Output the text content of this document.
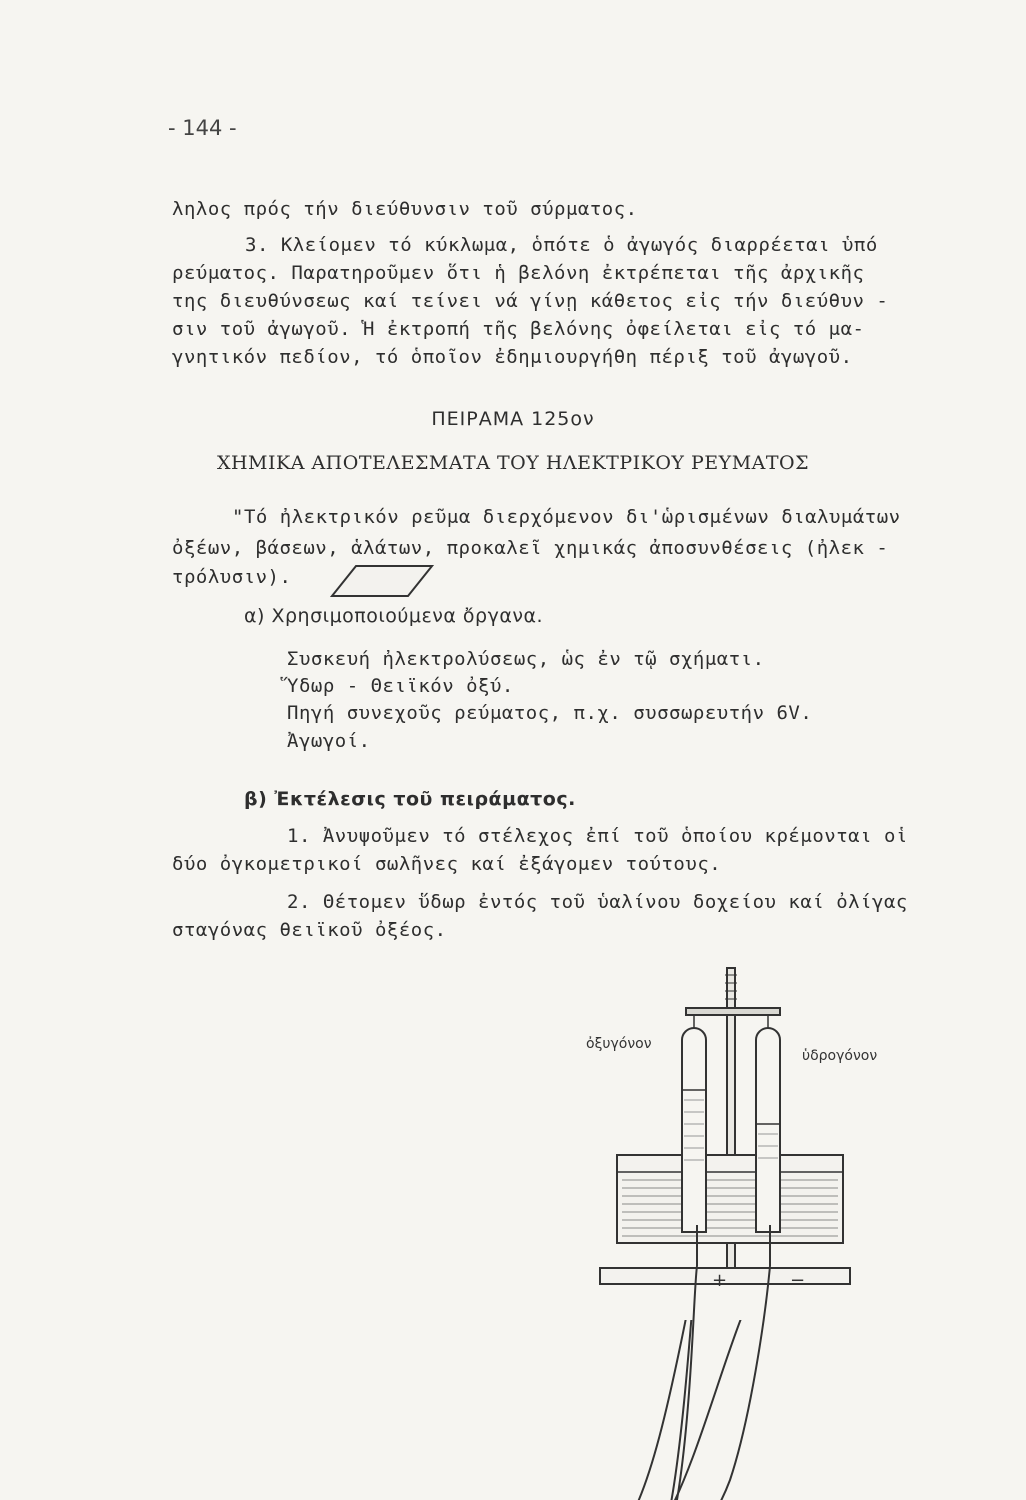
- 144 -
ληλος πρός τήν διεύθυνσιν τοῦ σύρματος.
3. Κλείομεν τό κύκλωμα, ὁπότε ὁ ἀγωγός διαρρέεται ὑπό
ρεύματος. Παρατηροῦμεν ὅτι ἡ βελόνη ἐκτρέπεται τῆς ἀρχικῆς
της διευθύνσεως καί τείνει νά γίνῃ κάθετος εἰς τήν διεύθυν -
σιν τοῦ ἀγωγοῦ. Ἡ ἐκτροπή τῆς βελόνης ὀφείλεται εἰς τό μα-
γνητικόν πεδίον, τό ὁποῖον ἐδημιουργήθη πέριξ τοῦ ἀγωγοῦ.
ΠΕΙΡΑΜΑ 125ον
ΧΗΜΙΚΑ ΑΠΟΤΕΛΕΣΜΑΤΑ ΤΟΥ ΗΛΕΚΤΡΙΚΟΥ ΡΕΥΜΑΤΟΣ
"Τό ἠλεκτρικόν ρεῦμα διερχόμενον δι'ὡρισμένων διαλυμάτων
ὀξέων, βάσεων, ἁλάτων, προκαλεῖ χημικάς ἀποσυνθέσεις (ἠλεκ -
τρόλυσιν).
α) Χρησιμοποιούμενα ὄργανα.
Συσκευή ἠλεκτρολύσεως, ὡς ἐν τῷ σχήματι.
Ὕδωρ - Θειϊκόν ὀξύ.
Πηγή συνεχοῦς ρεύματος, π.χ. συσσωρευτήν 6V.
Ἀγωγοί.
β) Ἐκτέλεσις τοῦ πειράματος.
1. Ἀνυψοῦμεν τό στέλεχος ἐπί τοῦ ὁποίου κρέμονται οἱ
δύο ὀγκομετρικοί σωλῆνες καί ἐξάγομεν τούτους.
2. Θέτομεν ὕδωρ ἐντός τοῦ ὑαλίνου δοχείου καί ὀλίγας
σταγόνας θειϊκοῦ ὀξέος.
ὀξυγόνον
ὑδρογόνον
+	−
